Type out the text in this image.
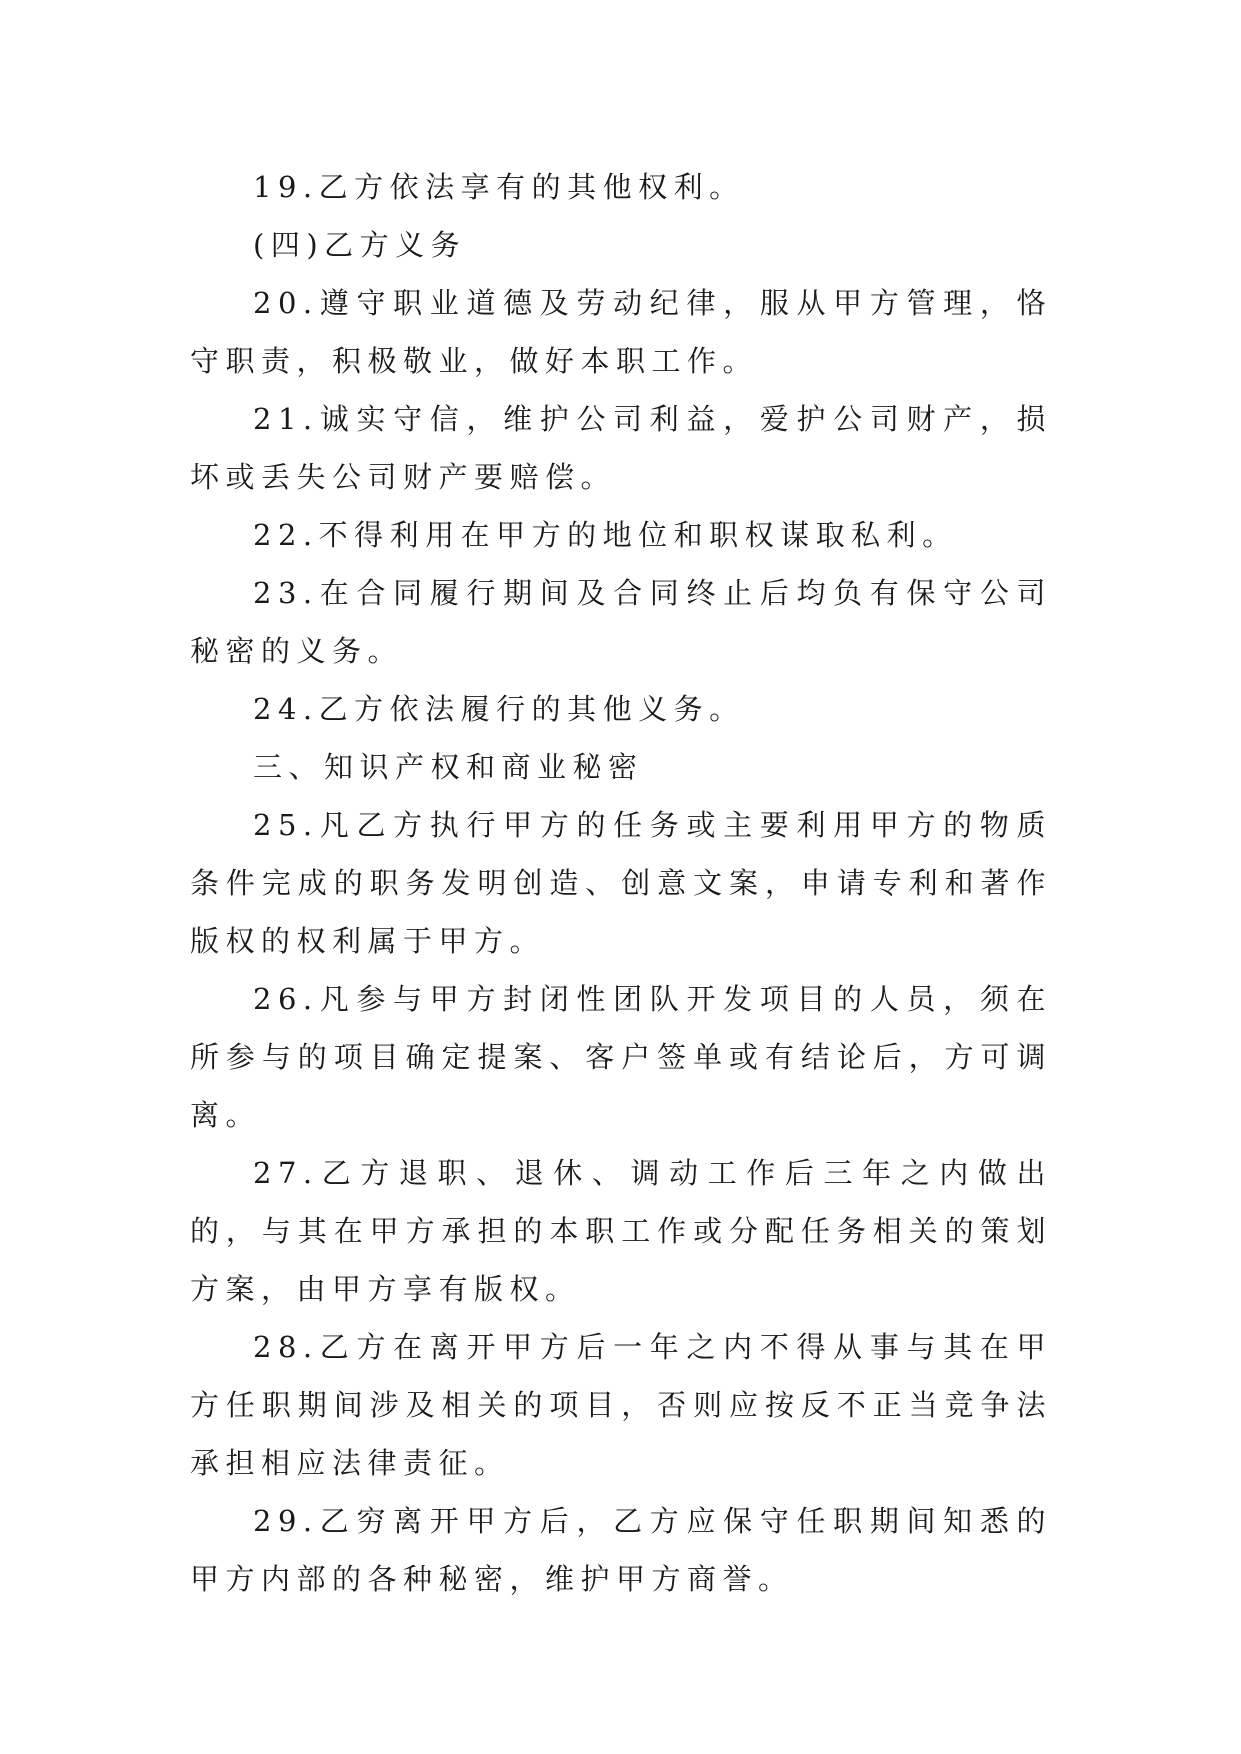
19.乙方依法享有的其他权利。

(四)乙方义务

20.遵守职业道德及劳动纪律，服从甲方管理，恪守职责，积极敬业，做好本职工作。

21.诚实守信，维护公司利益，爱护公司财产，损坏或丢失公司财产要赔偿。

22.不得利用在甲方的地位和职权谋取私利。

23.在合同履行期间及合同终止后均负有保守公司秘密的义务。

24.乙方依法履行的其他义务。

三、知识产权和商业秘密

25.凡乙方执行甲方的任务或主要利用甲方的物质条件完成的职务发明创造、创意文案，申请专利和著作版权的权利属于甲方。

26.凡参与甲方封闭性团队开发项目的人员，须在所参与的项目确定提案、客户签单或有结论后，方可调离。

27.乙方退职、退休、调动工作后三年之内做出的，与其在甲方承担的本职工作或分配任务相关的策划方案，由甲方享有版权。

28.乙方在离开甲方后一年之内不得从事与其在甲方任职期间涉及相关的项目，否则应按反不正当竞争法承担相应法律责征。

29.乙穷离开甲方后，乙方应保守任职期间知悉的甲方内部的各种秘密，维护甲方商誉。
